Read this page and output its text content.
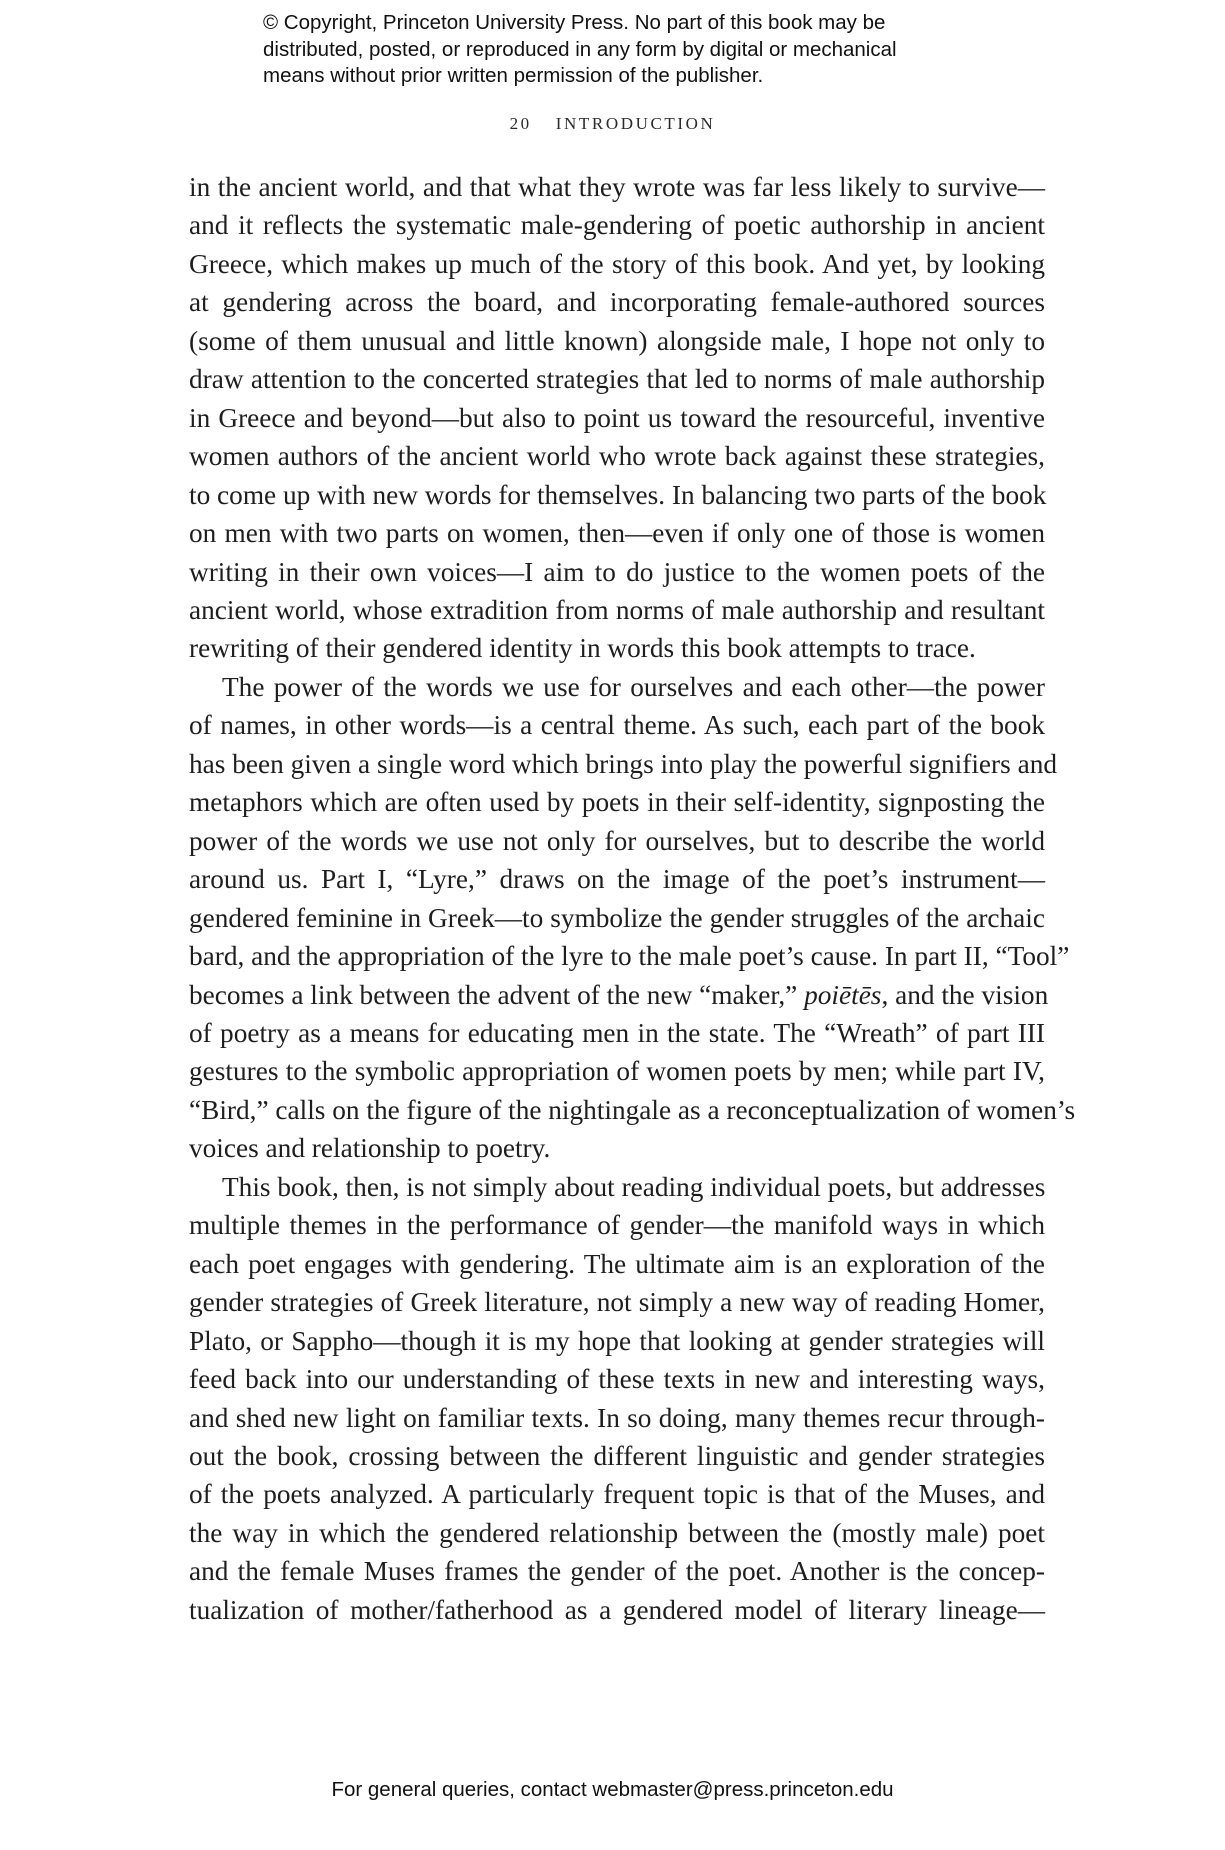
© Copyright, Princeton University Press. No part of this book may be

distributed, posted, or reproduced in any form by digital or mechanical

means without prior written permission of the publisher.

20 INTRODUCTION
in the ancient world, and that what they wrote was far less likely to survive—
and it reflects the systematic male-gendering of poetic authorship in ancient
Greece, which makes up much of the story of this book. And yet, by looking
at gendering across the board, and incorporating female-authored sources
(some of them unusual and little known) alongside male, I hope not only to
draw attention to the concerted strategies that led to norms of male authorship
in Greece and beyond—but also to point us toward the resourceful, inventive
women authors of the ancient world who wrote back against these strategies,
to come up with new words for themselves. In balancing two parts of the book
on men with two parts on women, then—even if only one of those is women
writing in their own voices—I aim to do justice to the women poets of the
ancient world, whose extradition from norms of male authorship and resultant
rewriting of their gendered identity in words this book attempts to trace.
The power of the words we use for ourselves and each other—the power
of names, in other words—is a central theme. As such, each part of the book
has been given a single word which brings into play the powerful signifiers and
metaphors which are often used by poets in their self-identity, signposting the
power of the words we use not only for ourselves, but to describe the world
around us. Part I, “Lyre,” draws on the image of the poet’s instrument—
gendered feminine in Greek—to symbolize the gender struggles of the archaic
bard, and the appropriation of the lyre to the male poet’s cause. In part II, “Tool”
becomes a link between the advent of the new “maker,” poiētēs, and the vision
of poetry as a means for educating men in the state. The “Wreath” of part III
gestures to the symbolic appropriation of women poets by men; while part IV,
“Bird,” calls on the figure of the nightingale as a reconceptualization of women’s
voices and relationship to poetry.
This book, then, is not simply about reading individual poets, but addresses
multiple themes in the performance of gender—the manifold ways in which
each poet engages with gendering. The ultimate aim is an exploration of the
gender strategies of Greek literature, not simply a new way of reading Homer,
Plato, or Sappho—though it is my hope that looking at gender strategies will
feed back into our understanding of these texts in new and interesting ways,
and shed new light on familiar texts. In so doing, many themes recur through-
out the book, crossing between the different linguistic and gender strategies
of the poets analyzed. A particularly frequent topic is that of the Muses, and
the way in which the gendered relationship between the (mostly male) poet
and the female Muses frames the gender of the poet. Another is the concep-
tualization of mother/fatherhood as a gendered model of literary lineage—
For general queries, contact webmaster@press.princeton.edu
